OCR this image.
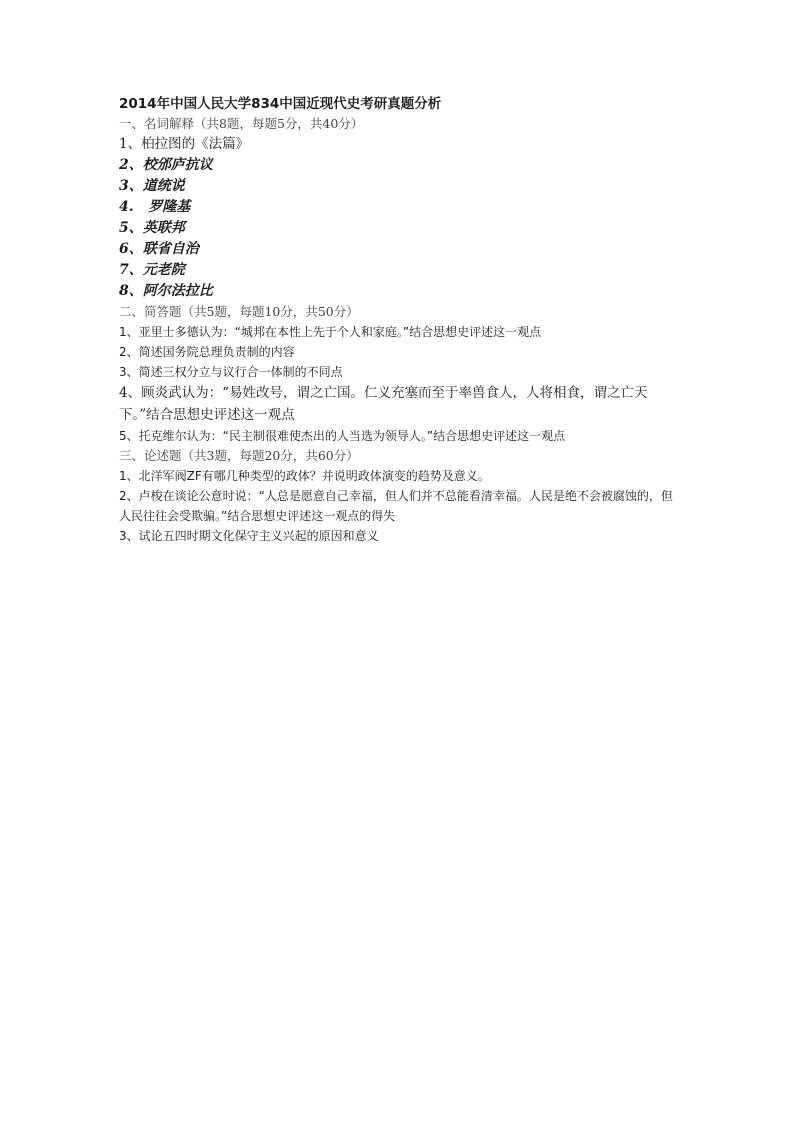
2014年中国人民大学834中国近现代史考研真题分析

一、名词解释（共8题，每题5分，共40分）

1、柏拉图的《法篇》

2、校邠庐抗议

3、道统说

4.   罗隆基

5、英联邦

6、联省自治

7、元老院

8、阿尔法拉比

二、简答题（共5题，每题10分，共50分）

1、亚里士多德认为：“城邦在本性上先于个人和家庭。”结合思想史评述这一观点

2、简述国务院总理负责制的内容

3、简述三权分立与议行合一体制的不同点

4、顾炎武认为：“易姓改号，谓之亡国。仁义充塞而至于率兽食人，人将相食，谓之亡天下。”结合思想史评述这一观点

5、托克维尔认为：“民主制很难使杰出的人当选为领导人。”结合思想史评述这一观点

三、论述题（共3题，每题20分，共60分）

1、北洋军阀ZF有哪几种类型的政体？并说明政体演变的趋势及意义。

2、卢梭在谈论公意时说：“人总是愿意自己幸福，但人们并不总能看清幸福。人民是绝不会被腐蚀的，但人民往往会受欺骗。”结合思想史评述这一观点的得失

3、试论五四时期文化保守主义兴起的原因和意义
